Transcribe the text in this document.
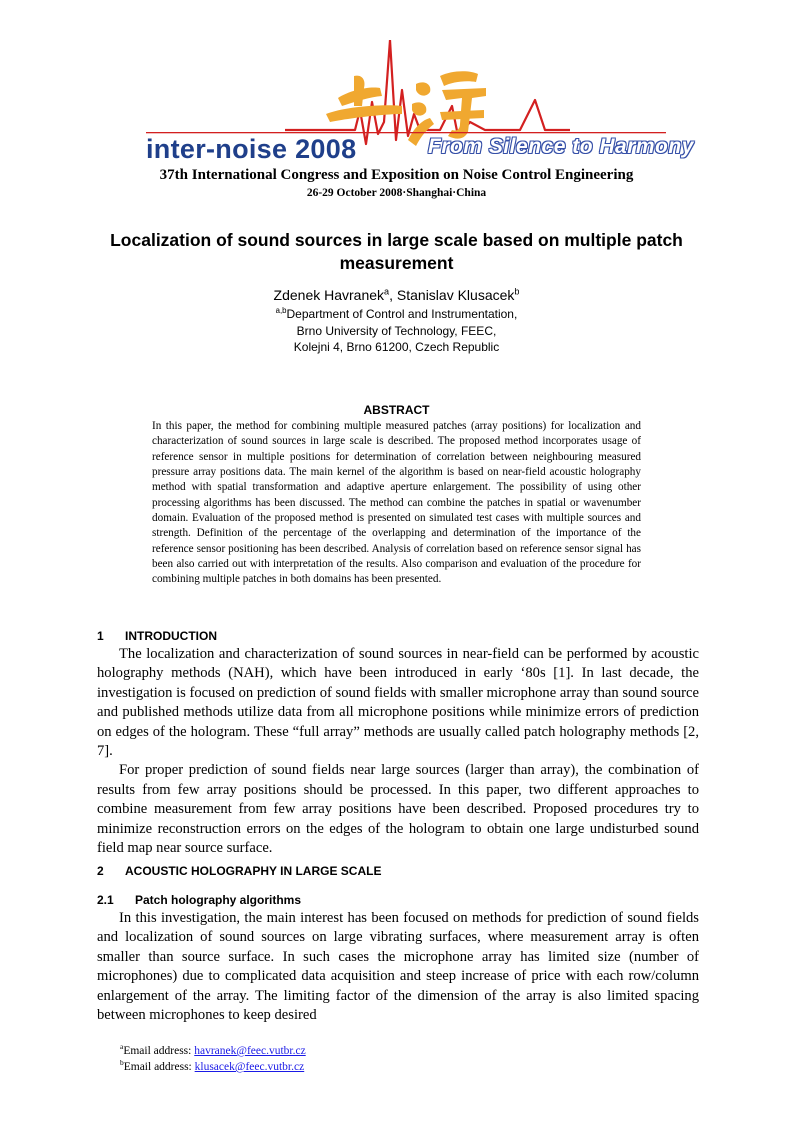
inter-noise 2008	From Silence to Harmony
37th International Congress and Exposition on Noise Control Engineering
26-29 October 2008·Shanghai·China
Localization of sound sources in large scale based on multiple patch measurement
Zdenek Havranek$^a$, Stanislav Klusacek$^b$
$^{a,b}$Department of Control and Instrumentation,
Brno University of Technology, FEEC,
Kolejni 4, Brno 61200, Czech Republic
ABSTRACT
In this paper, the method for combining multiple measured patches (array positions) for localization and characterization of sound sources in large scale is described. The proposed method incorporates usage of reference sensor in multiple positions for determination of correlation between neighbouring measured pressure array positions data. The main kernel of the algorithm is based on near-field acoustic holography method with spatial transformation and adaptive aperture enlargement. The possibility of using other processing algorithms has been discussed. The method can combine the patches in spatial or wavenumber domain. Evaluation of the proposed method is presented on simulated test cases with multiple sources and strength. Definition of the percentage of the overlapping and determination of the importance of the reference sensor positioning has been described. Analysis of correlation based on reference sensor signal has been also carried out with interpretation of the results. Also comparison and evaluation of the procedure for combining multiple patches in both domains has been presented.
1 INTRODUCTION

The localization and characterization of sound sources in near-field can be performed by acoustic holography methods (NAH), which have been introduced in early ‘80s [1]. In last decade, the investigation is focused on prediction of sound fields with smaller microphone array than sound source and published methods utilize data from all microphone positions while minimize errors of prediction on edges of the hologram. These “full array” methods are usually called patch holography methods [2, 7].

For proper prediction of sound fields near large sources (larger than array), the combination of results from few array positions should be processed. In this paper, two different approaches to combine measurement from few array positions have been described. Proposed procedures try to minimize reconstruction errors on the edges of the hologram to obtain one large undisturbed sound field map near source surface.

2 ACOUSTIC HOLOGRAPHY IN LARGE SCALE
2.1 Patch holography algorithms

In this investigation, the main interest has been focused on methods for prediction of sound fields and localization of sound sources on large vibrating surfaces, where measurement array is often smaller than source surface. In such cases the microphone array has limited size (number of microphones) due to complicated data acquisition and steep increase of price with each row/column enlargement of the array. The limiting factor of the dimension of the array is also limited spacing between microphones to keep desired

$^a$Email address: havranek@feec.vutbr.cz
$^b$Email address: klusacek@feec.vutbr.cz
